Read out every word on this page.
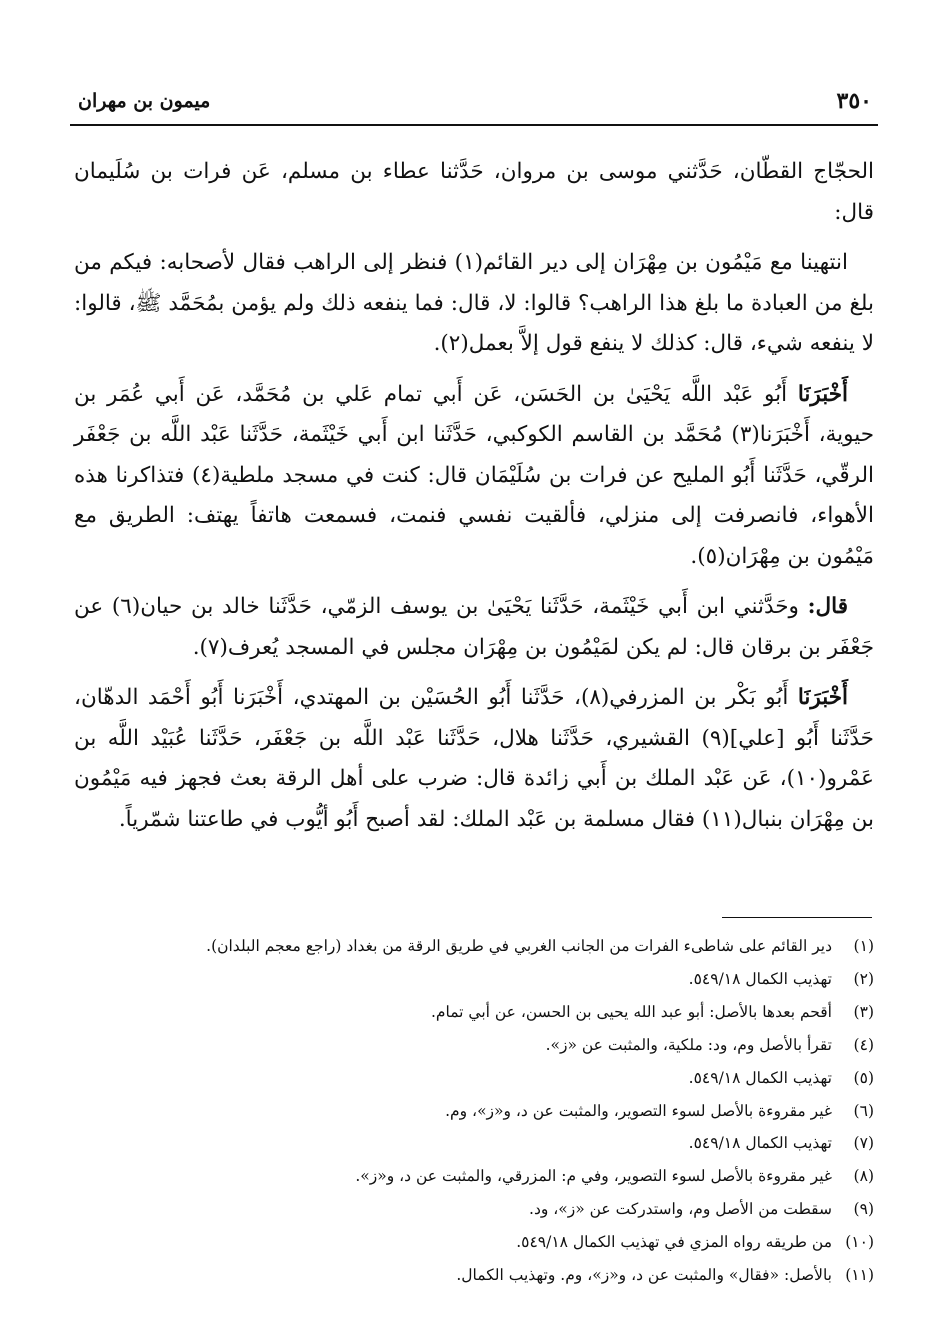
٣٥٠
ميمون بن مهران

الحجّاج القطّان، حَدَّثني موسى بن مروان، حَدَّثنا عطاء بن مسلم، عَن فرات بن سُلَيمان قال:

انتهينا مع مَيْمُون بن مِهْرَان إلى دير القائم(١) فنظر إلى الراهب فقال لأصحابه: فيكم من بلغ من العبادة ما بلغ هذا الراهب؟ قالوا: لا، قال: فما ينفعه ذلك ولم يؤمن بمُحَمَّد ﷺ، قالوا: لا ينفعه شيء، قال: كذلك لا ينفع قول إلاَّ بعمل(٢).

أَخْبَرَنَا أَبُو عَبْد اللَّه يَحْيَىٰ بن الحَسَن، عَن أَبي تمام عَلي بن مُحَمَّد، عَن أَبي عُمَر بن حيوية، أَخْبَرَنا(٣) مُحَمَّد بن القاسم الكوكبي، حَدَّثَنا ابن أَبي خَيْثَمة، حَدَّثَنا عَبْد اللَّه بن جَعْفَر الرقّي، حَدَّثَنا أَبُو المليح عن فرات بن سُلَيْمَان قال: كنت في مسجد ملطية(٤) فتذاكرنا هذه الأهواء، فانصرفت إلى منزلي، فألقيت نفسي فنمت، فسمعت هاتفاً يهتف: الطريق مع مَيْمُون بن مِهْرَان(٥).

قال: وحَدَّثني ابن أَبي خَيْثَمة، حَدَّثَنا يَحْيَىٰ بن يوسف الزمّي، حَدَّثَنا خالد بن حيان(٦) عن جَعْفَر بن برقان قال: لم يكن لمَيْمُون بن مِهْرَان مجلس في المسجد يُعرف(٧).

أَخْبَرَنَا أَبُو بَكْر بن المزرفي(٨)، حَدَّثَنا أَبُو الحُسَيْن بن المهتدي، أَخْبَرَنا أَبُو أَحْمَد الدهّان، حَدَّثَنا أَبُو [علي](٩) القشيري، حَدَّثَنا هلال، حَدَّثَنا عَبْد اللَّه بن جَعْفَر، حَدَّثَنا عُبَيْد اللَّه بن عَمْرو(١٠)، عَن عَبْد الملك بن أَبي زائدة قال: ضرب على أهل الرقة بعث فجهز فيه مَيْمُون بن مِهْرَان بنبال(١١) فقال مسلمة بن عَبْد الملك: لقد أصبح أَبُو أيُّوب في طاعتنا شمّرياً.

(١)دير القائم على شاطىء الفرات من الجانب الغربي في طريق الرقة من بغداد (راجع معجم البلدان).
(٢)تهذيب الكمال ٥٤٩/١٨.
(٣)أقحم بعدها بالأصل: أبو عبد الله يحيى بن الحسن، عن أبي تمام.
(٤)تقرأ بالأصل وم، ود: ملكية، والمثبت عن «ز».
(٥)تهذيب الكمال ٥٤٩/١٨.
(٦)غير مقروءة بالأصل لسوء التصوير، والمثبت عن د، و«ز»، وم.
(٧)تهذيب الكمال ٥٤٩/١٨.
(٨)غير مقروءة بالأصل لسوء التصوير، وفي م: المزرقي، والمثبت عن د، و«ز».
(٩)سقطت من الأصل وم، واستدركت عن «ز»، ود.
(١٠)من طريقه رواه المزي في تهذيب الكمال ٥٤٩/١٨.
(١١)بالأصل: «فقال» والمثبت عن د، و«ز»، وم. وتهذيب الكمال.
